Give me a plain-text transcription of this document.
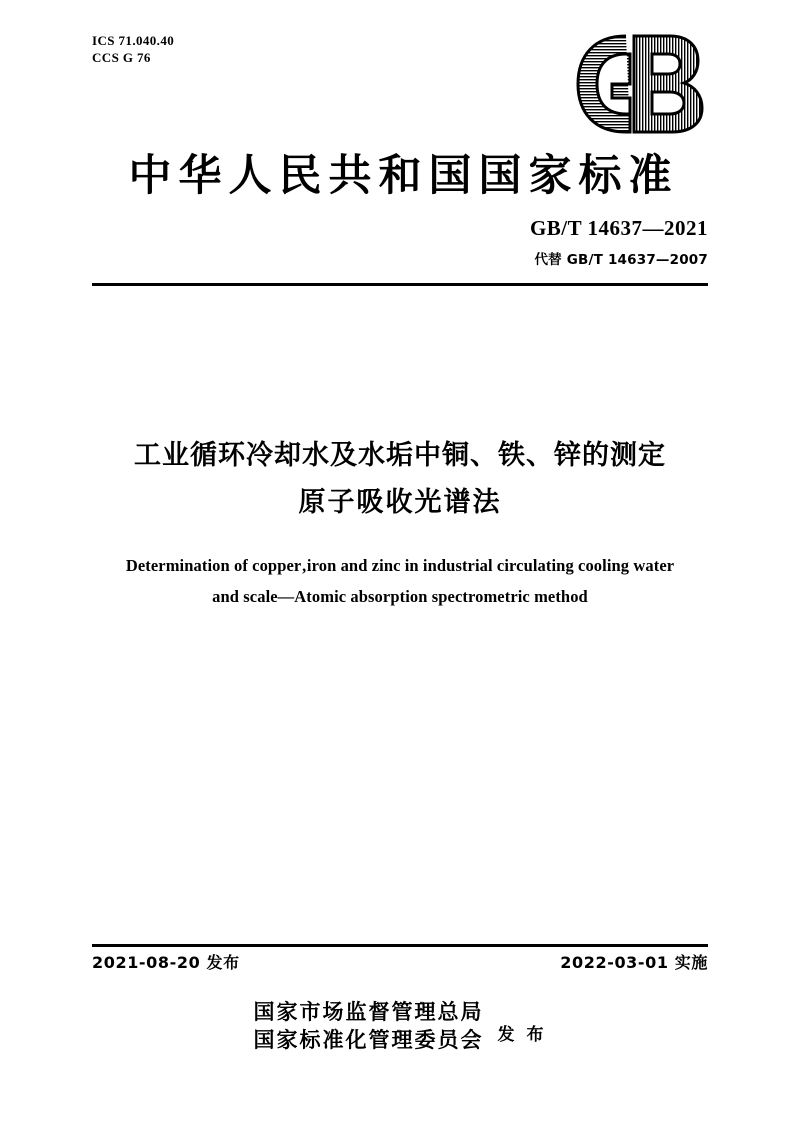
ICS 71.040.40
CCS G 76
中华人民共和国国家标准
GB/T 14637—2021
代替 GB/T 14637—2007
工业循环冷却水及水垢中铜、铁、锌的测定
原子吸收光谱法
Determination of copper‚iron and zinc in industrial circulating cooling water
and scale—Atomic absorption spectrometric method
2021-08-20 发布	2022-03-01 实施
国家市场监督管理总局
国家标准化管理委员会 发 布
